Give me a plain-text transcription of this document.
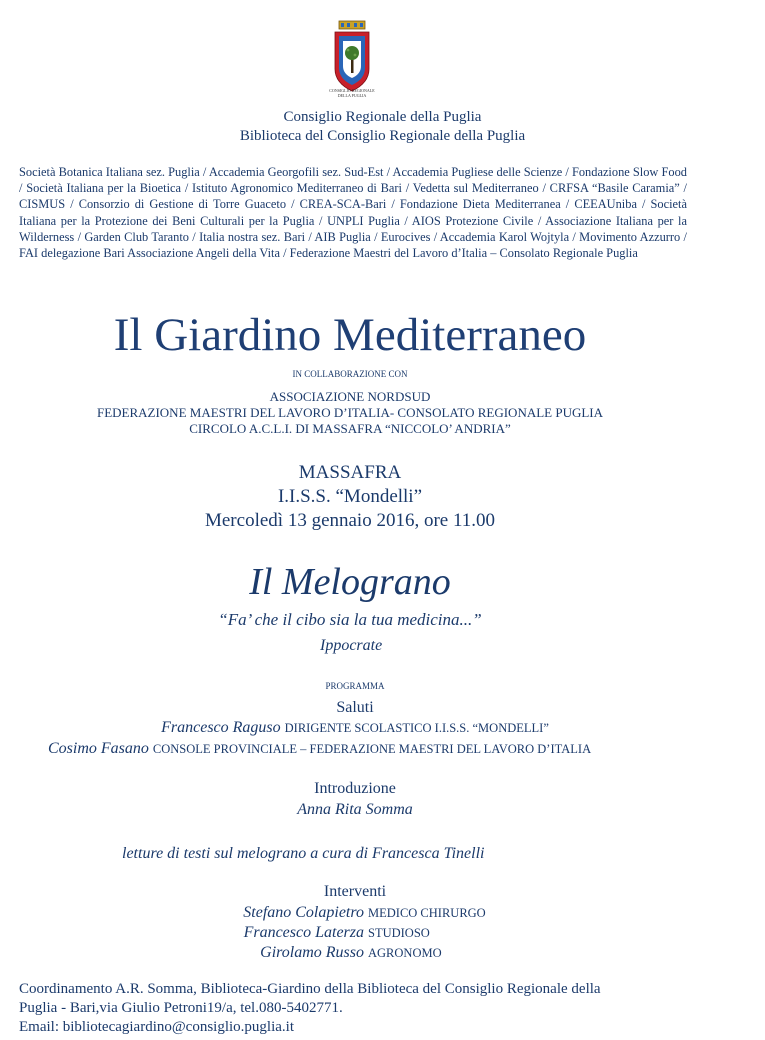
CONSIGLIO REGIONALE
DELLA PUGLIA
Consiglio Regionale della Puglia
Biblioteca del Consiglio Regionale della Puglia
Società Botanica Italiana sez. Puglia / Accademia Georgofili sez. Sud-Est / Accademia Pugliese delle Scienze / Fondazione Slow Food / Società Italiana per la Bioetica / Istituto Agronomico Mediterraneo di Bari / Vedetta sul Mediterraneo / CRFSA “Basile Caramia” / CISMUS / Consorzio di Gestione di Torre Guaceto / CREA-SCA-Bari / Fondazione Dieta Mediterranea / CEEAUniba / Società Italiana per la Protezione dei Beni Culturali per la Puglia / UNPLI Puglia / AIOS Protezione Civile / Associazione Italiana per la Wilderness / Garden Club Taranto / Italia nostra sez. Bari / AIB Puglia / Eurocives / Accademia Karol Wojtyla / Movimento Azzurro / FAI delegazione Bari Associazione Angeli della Vita / Federazione Maestri del Lavoro d’Italia – Consolato Regionale Puglia
Il Giardino Mediterraneo
IN COLLABORAZIONE CON
ASSOCIAZIONE NORDSUD
FEDERAZIONE MAESTRI DEL LAVORO D’ITALIA- CONSOLATO REGIONALE PUGLIA
CIRCOLO A.C.L.I. DI MASSAFRA “NICCOLO’ ANDRIA”
MASSAFRA
I.I.S.S. “Mondelli”
Mercoledì 13 gennaio 2016, ore 11.00
Il Melograno
“Fa’ che il cibo sia la tua medicina...”
Ippocrate
PROGRAMMA
Saluti
Francesco Raguso DIRIGENTE SCOLASTICO I.I.S.S. “MONDELLI”
Cosimo Fasano CONSOLE PROVINCIALE – FEDERAZIONE MAESTRI DEL LAVORO D’ITALIA
Introduzione
Anna Rita Somma
letture di testi sul melograno a cura di Francesca Tinelli
Interventi
Stefano Colapietro MEDICO CHIRURGO
Francesco Laterza STUDIOSO
Girolamo Russo AGRONOMO
Coordinamento A.R. Somma, Biblioteca-Giardino della Biblioteca del Consiglio Regionale della
Puglia - Bari,via Giulio Petroni19/a, tel.080-5402771.
Email: bibliotecagiardino@consiglio.puglia.it
